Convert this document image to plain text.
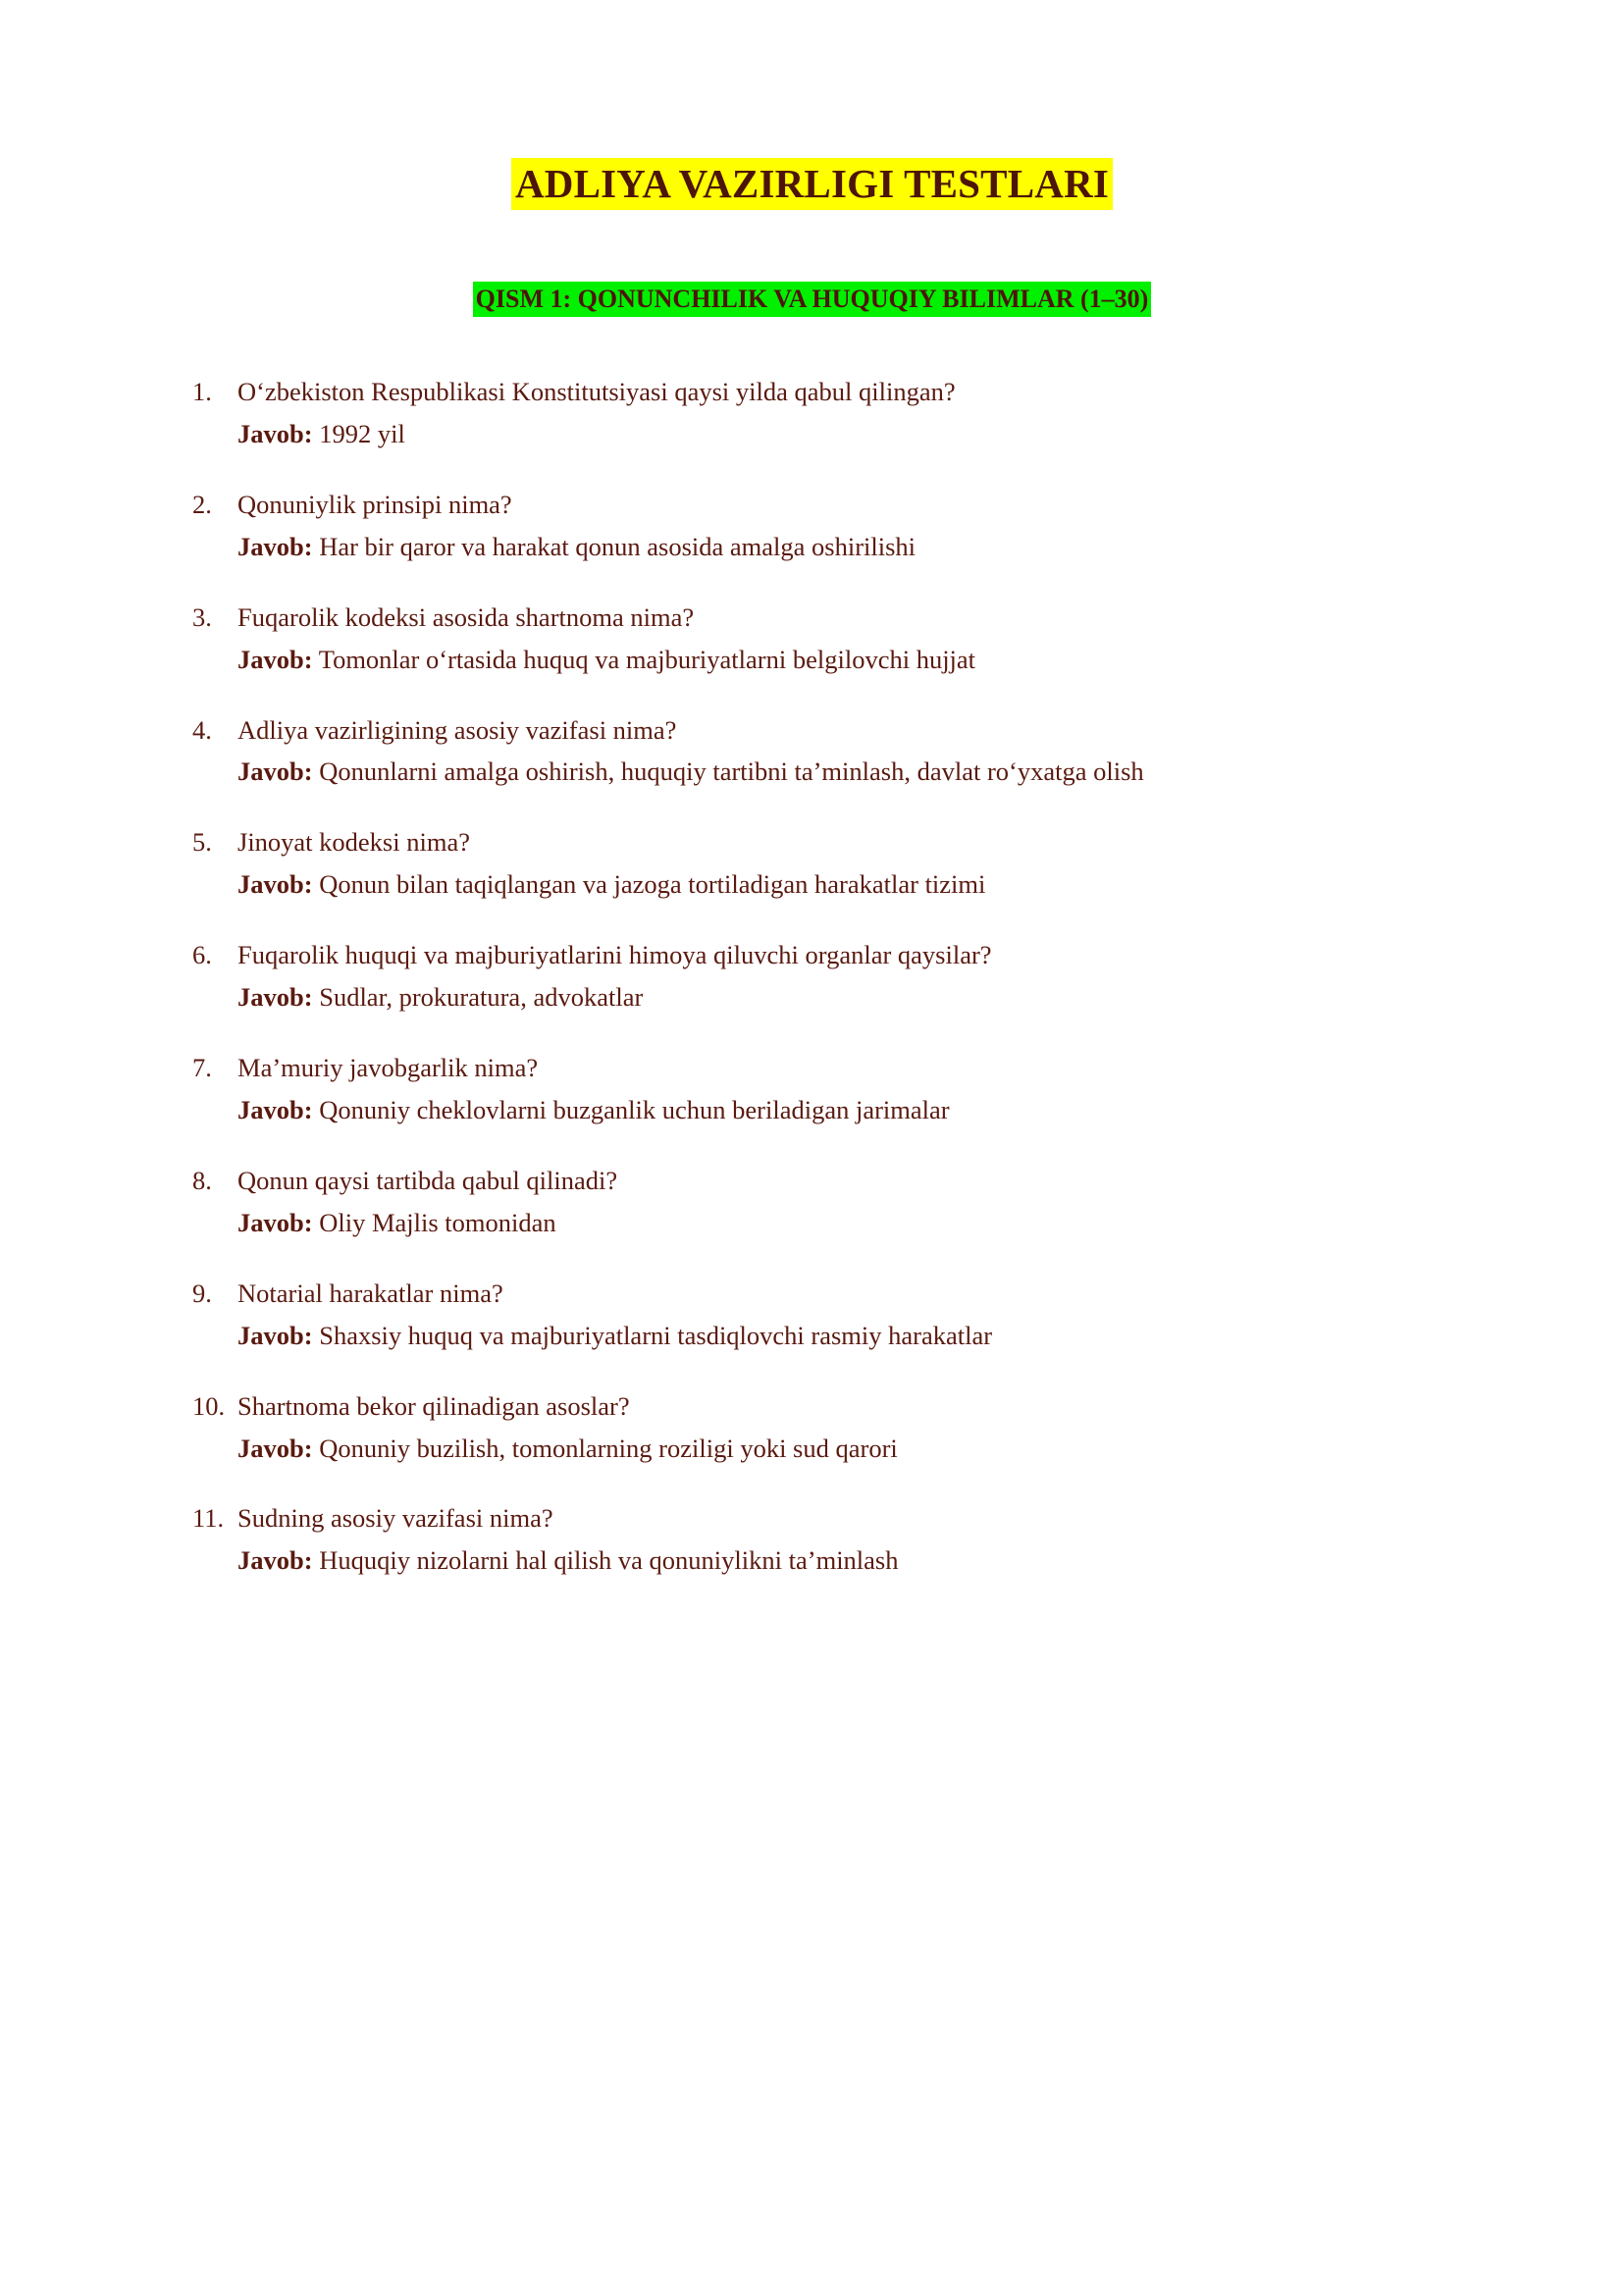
ADLIYA VAZIRLIGI TESTLARI
QISM 1: QONUNCHILIK VA HUQUQIY BILIMLAR (1–30)
1. O‘zbekiston Respublikasi Konstitutsiyasi qaysi yilda qabul qilingan?
Javob: 1992 yil
2. Qonuniylik prinsipi nima?
Javob: Har bir qaror va harakat qonun asosida amalga oshirilishi
3. Fuqarolik kodeksi asosida shartnoma nima?
Javob: Tomonlar o‘rtasida huquq va majburiyatlarni belgilovchi hujjat
4. Adliya vazirligining asosiy vazifasi nima?
Javob: Qonunlarni amalga oshirish, huquqiy tartibni ta’minlash, davlat ro‘yxatga olish
5. Jinoyat kodeksi nima?
Javob: Qonun bilan taqiqlangan va jazoga tortiladigan harakatlar tizimi
6. Fuqarolik huquqi va majburiyatlarini himoya qiluvchi organlar qaysilar?
Javob: Sudlar, prokuratura, advokatlar
7. Ma’muriy javobgarlik nima?
Javob: Qonuniy cheklovlarni buzganlik uchun beriladigan jarimalar
8. Qonun qaysi tartibda qabul qilinadi?
Javob: Oliy Majlis tomonidan
9. Notarial harakatlar nima?
Javob: Shaxsiy huquq va majburiyatlarni tasdiqlovchi rasmiy harakatlar
10. Shartnoma bekor qilinadigan asoslar?
Javob: Qonuniy buzilish, tomonlarning roziligi yoki sud qarori
11. Sudning asosiy vazifasi nima?
Javob: Huquqiy nizolarni hal qilish va qonuniylikni ta’minlash
